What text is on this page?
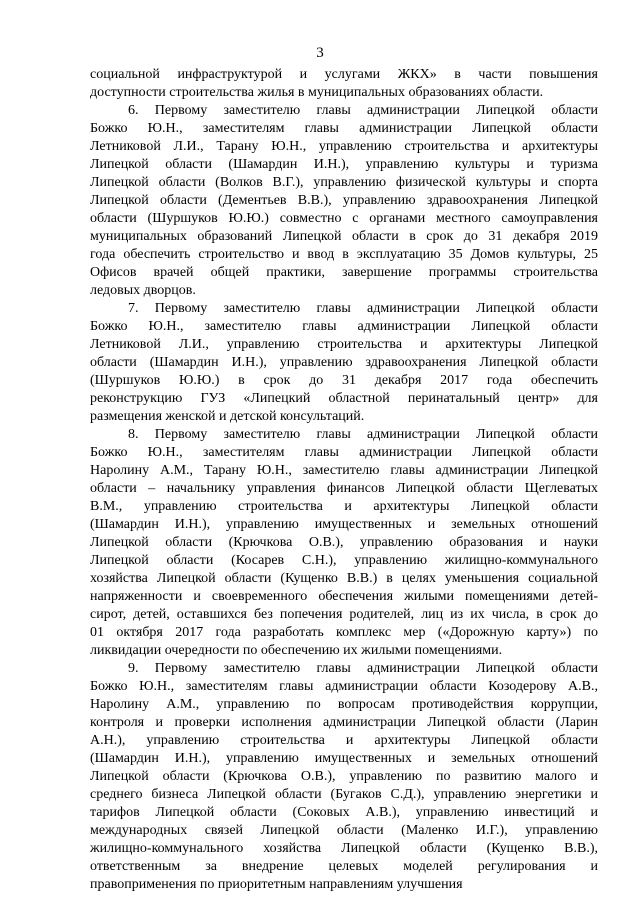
3
социальной инфраструктурой и услугами ЖКХ» в части повышения
доступности строительства жилья в муниципальных образованиях области.
6. Первому заместителю главы администрации Липецкой области
Божко Ю.Н., заместителям главы администрации Липецкой области
Летниковой Л.И., Тарану Ю.Н., управлению строительства и архитектуры
Липецкой области (Шамардин И.Н.), управлению культуры и туризма
Липецкой области (Волков В.Г.), управлению физической культуры и спорта
Липецкой области (Дементьев В.В.), управлению здравоохранения Липецкой
области (Шуршуков Ю.Ю.) совместно с органами местного самоуправления
муниципальных образований Липецкой области в срок до 31 декабря 2019
года обеспечить строительство и ввод в эксплуатацию 35 Домов культуры, 25
Офисов врачей общей практики, завершение программы строительства
ледовых дворцов.
7. Первому заместителю главы администрации Липецкой области
Божко Ю.Н., заместителю главы администрации Липецкой области
Летниковой Л.И., управлению строительства и архитектуры Липецкой
области (Шамардин И.Н.), управлению здравоохранения Липецкой области
(Шуршуков Ю.Ю.) в срок до 31 декабря 2017 года обеспечить
реконструкцию ГУЗ «Липецкий областной перинатальный центр» для
размещения женской и детской консультаций.
8. Первому заместителю главы администрации Липецкой области
Божко Ю.Н., заместителям главы администрации Липецкой области
Наролину А.М., Тарану Ю.Н., заместителю главы администрации Липецкой
области – начальнику управления финансов Липецкой области Щеглеватых
В.М., управлению строительства и архитектуры Липецкой области
(Шамардин И.Н.), управлению имущественных и земельных отношений
Липецкой области (Крючкова О.В.), управлению образования и науки
Липецкой области (Косарев С.Н.), управлению жилищно-коммунального
хозяйства Липецкой области (Кущенко В.В.) в целях уменьшения социальной
напряженности и своевременного обеспечения жилыми помещениями детей-
сирот, детей, оставшихся без попечения родителей, лиц из их числа, в срок до
01 октября 2017 года разработать комплекс мер («Дорожную карту») по
ликвидации очередности по обеспечению их жилыми помещениями.
9. Первому заместителю главы администрации Липецкой области
Божко Ю.Н., заместителям главы администрации области Козодерову А.В.,
Наролину А.М., управлению по вопросам противодействия коррупции,
контроля и проверки исполнения администрации Липецкой области (Ларин
А.Н.), управлению строительства и архитектуры Липецкой области
(Шамардин И.Н.), управлению имущественных и земельных отношений
Липецкой области (Крючкова О.В.), управлению по развитию малого и
среднего бизнеса Липецкой области (Бугаков С.Д.), управлению энергетики и
тарифов Липецкой области (Соковых А.В.), управлению инвестиций и
международных связей Липецкой области (Маленко И.Г.), управлению
жилищно-коммунального хозяйства Липецкой области (Кущенко В.В.),
ответственным за внедрение целевых моделей регулирования и
правоприменения по приоритетным направлениям улучшения
